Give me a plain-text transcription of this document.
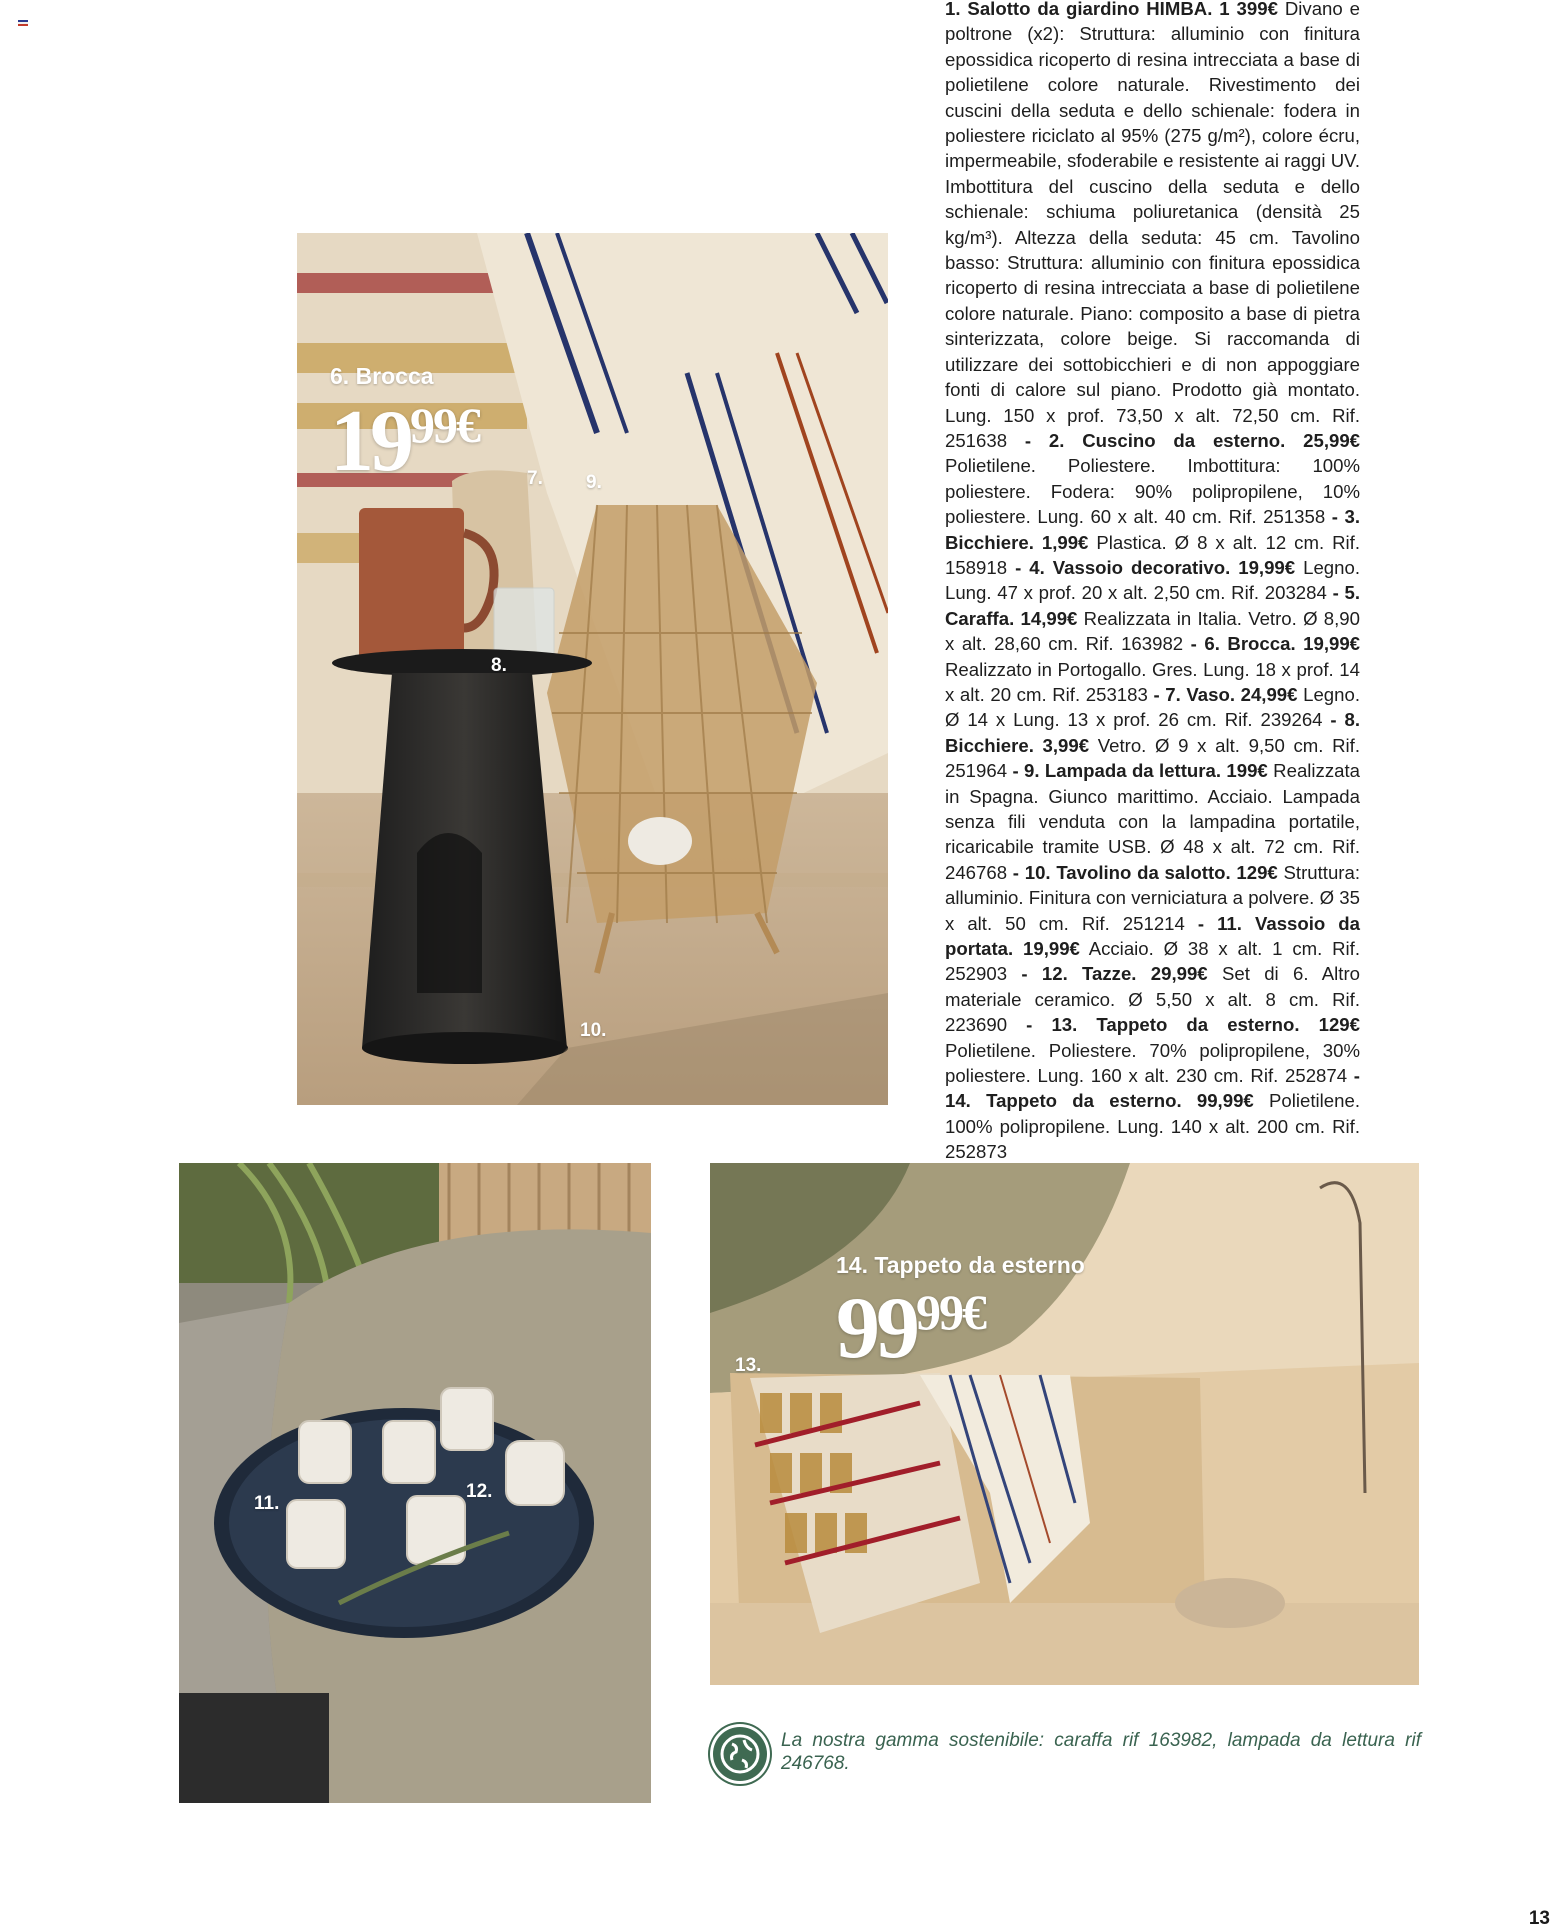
6. Brocca
1999€
7. 9.
8.
10.
1. Salotto da giardino HIMBA. 1 399€ Divano e poltrone (x2): Struttura: alluminio con finitura epossidica ricoperto di resina intrecciata a base di polietilene colore naturale. Rivestimento dei cuscini della seduta e dello schienale: fodera in poliestere riciclato al 95% (275 g/m²), colore écru, impermeabile, sfoderabile e resistente ai raggi UV. Imbottitura del cuscino della seduta e dello schienale: schiuma poliuretanica (densità 25 kg/m³). Altezza della seduta: 45 cm. Tavolino basso: Struttura: alluminio con finitura epossidica ricoperto di resina intrecciata a base di polietilene colore naturale. Piano: composito a base di pietra sinterizzata, colore beige. Si raccomanda di utilizzare dei sottobicchieri e di non appoggiare fonti di calore sul piano. Prodotto già montato. Lung. 150 x prof. 73,50 x alt. 72,50 cm. Rif. 251638 - 2. Cuscino da esterno. 25,99€ Polietilene. Poliestere. Imbottitura: 100% poliestere. Fodera: 90% polipropilene, 10% poliestere. Lung. 60 x alt. 40 cm. Rif. 251358 - 3. Bicchiere. 1,99€ Plastica. Ø 8 x alt. 12 cm. Rif. 158918 - 4. Vassoio decorativo. 19,99€ Legno. Lung. 47 x prof. 20 x alt. 2,50 cm. Rif. 203284 - 5. Caraffa. 14,99€ Realizzata in Italia. Vetro. Ø 8,90 x alt. 28,60 cm. Rif. 163982 - 6. Brocca. 19,99€ Realizzato in Portogallo. Gres. Lung. 18 x prof. 14 x alt. 20 cm. Rif. 253183 - 7. Vaso. 24,99€ Legno. Ø 14 x Lung. 13 x prof. 26 cm. Rif. 239264 - 8. Bicchiere. 3,99€ Vetro. Ø 9 x alt. 9,50 cm. Rif. 251964 - 9. Lampada da lettura. 199€ Realizzata in Spagna. Giunco marittimo. Acciaio. Lampada senza fili venduta con la lampadina portatile, ricaricabile tramite USB. Ø 48 x alt. 72 cm. Rif. 246768 - 10. Tavolino da salotto. 129€ Struttura: alluminio. Finitura con verniciatura a polvere. Ø 35 x alt. 50 cm. Rif. 251214 - 11. Vassoio da portata. 19,99€ Acciaio. Ø 38 x alt. 1 cm. Rif. 252903 - 12. Tazze. 29,99€ Set di 6. Altro materiale ceramico. Ø 5,50 x alt. 8 cm. Rif. 223690 - 13. Tappeto da esterno. 129€ Polietilene. Poliestere. 70% polipropilene, 30% poliestere. Lung. 160 x alt. 230 cm. Rif. 252874 - 14. Tappeto da esterno. 99,99€ Polietilene. 100% polipropilene. Lung. 140 x alt. 200 cm. Rif. 252873
11.
12.
14. Tappeto da esterno
9999€
13.
La nostra gamma sostenibile: caraffa rif 163982, lampada da lettura rif 246768.
13
